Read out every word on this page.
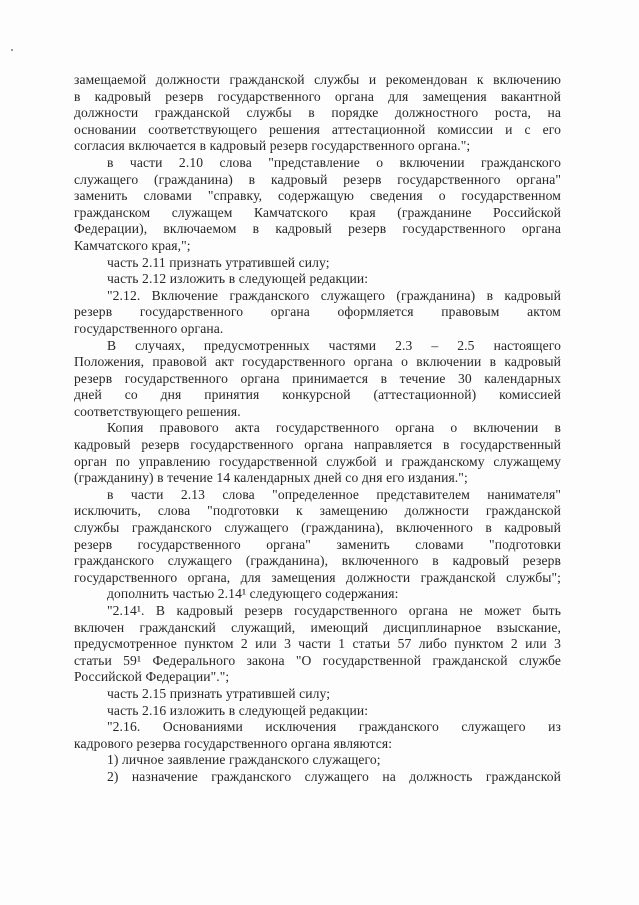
замещаемой должности гражданской службы и рекомендован к включению
в кадровый резерв государственного органа для замещения вакантной
должности гражданской службы в порядке должностного роста, на
основании соответствующего решения аттестационной комиссии и с его
согласия включается в кадровый резерв государственного органа.";
в части 2.10 слова "представление о включении гражданского
служащего (гражданина) в кадровый резерв государственного органа"
заменить словами "справку, содержащую сведения о государственном
гражданском служащем Камчатского края (гражданине Российской
Федерации), включаемом в кадровый резерв государственного органа
Камчатского края,";
часть 2.11 признать утратившей силу;
часть 2.12 изложить в следующей редакции:
"2.12. Включение гражданского служащего (гражданина) в кадровый
резерв государственного органа оформляется правовым актом
государственного органа.
В случаях, предусмотренных частями 2.3 – 2.5 настоящего
Положения, правовой акт государственного органа о включении в кадровый
резерв государственного органа принимается в течение 30 календарных
дней со дня принятия конкурсной (аттестационной) комиссией
соответствующего решения.
Копия правового акта государственного органа о включении в
кадровый резерв государственного органа направляется в государственный
орган по управлению государственной службой и гражданскому служащему
(гражданину) в течение 14 календарных дней со дня его издания.";
в части 2.13 слова "определенное представителем нанимателя"
исключить, слова "подготовки к замещению должности гражданской
службы гражданского служащего (гражданина), включенного в кадровый
резерв государственного органа" заменить словами "подготовки
гражданского служащего (гражданина), включенного в кадровый резерв
государственного органа, для замещения должности гражданской службы";
дополнить частью 2.14¹ следующего содержания:
"2.14¹. В кадровый резерв государственного органа не может быть
включен гражданский служащий, имеющий дисциплинарное взыскание,
предусмотренное пунктом 2 или 3 части 1 статьи 57 либо пунктом 2 или 3
статьи 59¹ Федерального закона "О государственной гражданской службе
Российской Федерации".";
часть 2.15 признать утратившей силу;
часть 2.16 изложить в следующей редакции:
"2.16. Основаниями исключения гражданского служащего из
кадрового резерва государственного органа являются:
1) личное заявление гражданского служащего;
2) назначение гражданского служащего на должность гражданской
